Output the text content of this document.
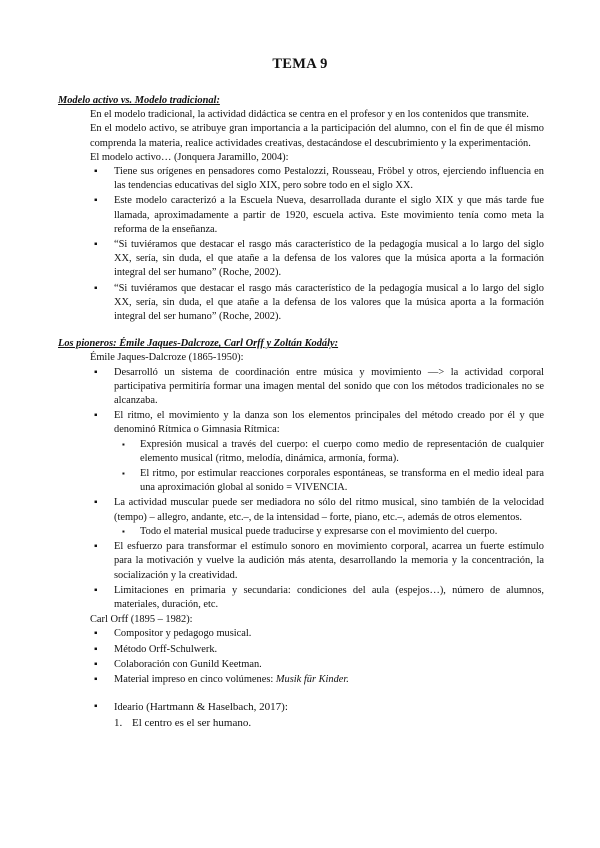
TEMA 9
Modelo activo vs. Modelo tradicional:
En el modelo tradicional, la actividad didáctica se centra en el profesor y en los contenidos que transmite.
En el modelo activo, se atribuye gran importancia a la participación del alumno, con el fin de que él mismo comprenda la materia, realice actividades creativas, destacándose el descubrimiento y la experimentación.
El modelo activo… (Jonquera Jaramillo, 2004):
▪ Tiene sus orígenes en pensadores como Pestalozzi, Rousseau, Fröbel y otros, ejerciendo influencia en las tendencias educativas del siglo XIX, pero sobre todo en el siglo XX.
▪ Este modelo caracterizó a la Escuela Nueva, desarrollada durante el siglo XIX y que más tarde fue llamada, aproximadamente a partir de 1920, escuela activa. Este movimiento tenía como meta la reforma de la enseñanza.
▪ “Si tuviéramos que destacar el rasgo más característico de la pedagogía musical a lo largo del siglo XX, sería, sin duda, el que atañe a la defensa de los valores que la música aporta a la formación integral del ser humano” (Roche, 2002).
▪ “Si tuviéramos que destacar el rasgo más característico de la pedagogía musical a lo largo del siglo XX, sería, sin duda, el que atañe a la defensa de los valores que la música aporta a la formación integral del ser humano” (Roche, 2002).
Los pioneros: Émile Jaques-Dalcroze, Carl Orff y Zoltán Kodály:
Émile Jaques-Dalcroze (1865-1950):
▪ Desarrolló un sistema de coordinación entre música y movimiento —> la actividad corporal participativa permitiría formar una imagen mental del sonido que con los métodos tradicionales no se alcanzaba.
▪ El ritmo, el movimiento y la danza son los elementos principales del método creado por él y que denominó Rítmica o Gimnasia Rítmica:
▪ Expresión musical a través del cuerpo: el cuerpo como medio de representación de cualquier elemento musical (ritmo, melodía, dinámica, armonía, forma).
▪ El ritmo, por estimular reacciones corporales espontáneas, se transforma en el medio ideal para una aproximación global al sonido = VIVENCIA.
▪ La actividad muscular puede ser mediadora no sólo del ritmo musical, sino también de la velocidad (tempo) – allegro, andante, etc.–, de la intensidad – forte, piano, etc.–, además de otros elementos.
▪ Todo el material musical puede traducirse y expresarse con el movimiento del cuerpo.
▪ El esfuerzo para transformar el estímulo sonoro en movimiento corporal, acarrea un fuerte estímulo para la motivación y vuelve la audición más atenta, desarrollando la memoria y la concentración, la socialización y la creatividad.
▪ Limitaciones en primaria y secundaria: condiciones del aula (espejos…), número de alumnos, materiales, duración, etc.
Carl Orff (1895 – 1982):
▪ Compositor y pedagogo musical.
▪ Método Orff-Schulwerk.
▪ Colaboración con Gunild Keetman.
▪ Material impreso en cinco volúmenes: Musik für Kinder.
▪ Ideario (Hartmann & Haselbach, 2017):
1. El centro es el ser humano.
